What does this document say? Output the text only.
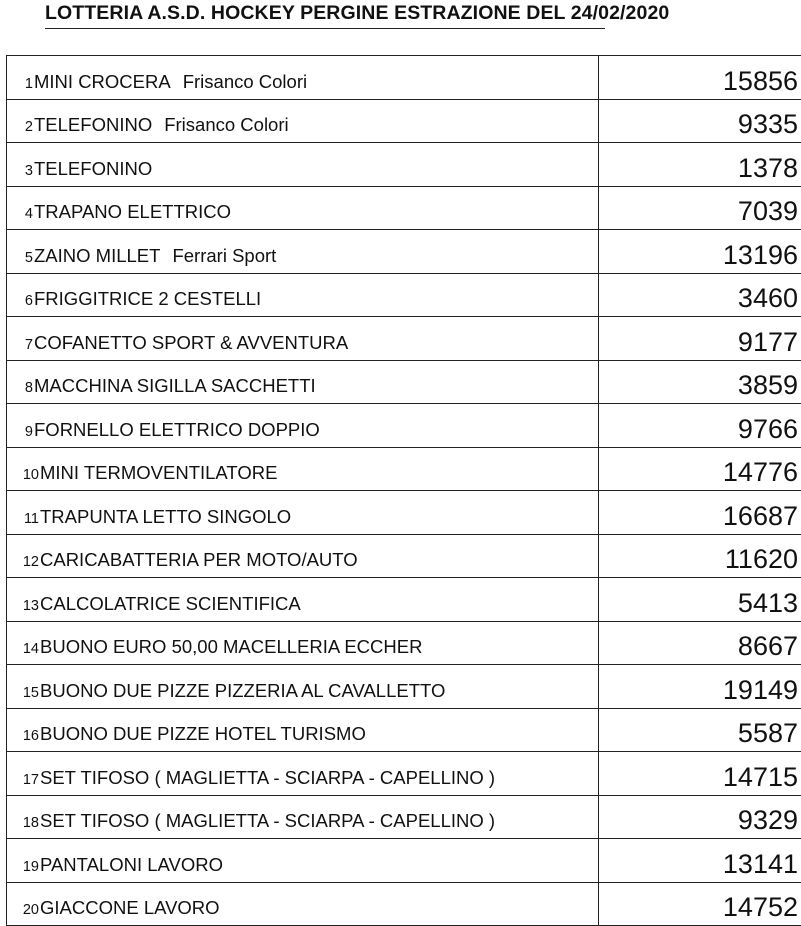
LOTTERIA A.S.D. HOCKEY PERGINE ESTRAZIONE DEL 24/02/2020
1MINI CROCERA Frisanco Colori	15856
2TELEFONINO Frisanco Colori	9335
3TELEFONINO	1378
4TRAPANO ELETTRICO	7039
5ZAINO MILLET Ferrari Sport	13196
6FRIGGITRICE 2 CESTELLI	3460
7COFANETTO SPORT & AVVENTURA	9177
8MACCHINA SIGILLA SACCHETTI	3859
9FORNELLO ELETTRICO DOPPIO	9766
10MINI TERMOVENTILATORE	14776
11TRAPUNTA LETTO SINGOLO	16687
12CARICABATTERIA PER MOTO/AUTO	11620
13CALCOLATRICE SCIENTIFICA	5413
14BUONO EURO 50,00 MACELLERIA ECCHER	8667
15BUONO DUE PIZZE PIZZERIA AL CAVALLETTO	19149
16BUONO DUE PIZZE HOTEL TURISMO	5587
17SET TIFOSO ( MAGLIETTA - SCIARPA - CAPELLINO )	14715
18SET TIFOSO ( MAGLIETTA - SCIARPA - CAPELLINO )	9329
19PANTALONI LAVORO	13141
20GIACCONE LAVORO	14752
